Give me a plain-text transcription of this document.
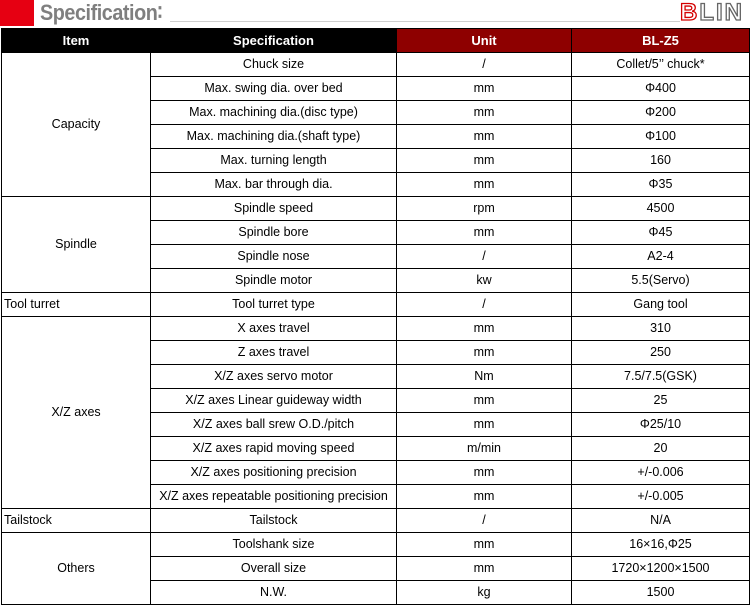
Specification∶	BLIN
Item	Specification	Unit	BL-Z5
Capacity	Chuck size	/	Collet/5’’ chuck*
	Max. swing dia. over bed	mm	Φ400
	Max. machining dia.(disc type)	mm	Φ200
	Max. machining dia.(shaft type)	mm	Φ100
	Max. turning length	mm	160
	Max. bar through dia.	mm	Φ35
Spindle	Spindle speed	rpm	4500
	Spindle bore	mm	Φ45
	Spindle nose	/	A2-4
	Spindle motor	kw	5.5(Servo)
Tool turret	Tool turret type	/	Gang tool
X/Z axes	X axes travel	mm	310
	Z axes travel	mm	250
	X/Z axes servo motor	Nm	7.5/7.5(GSK)
	X/Z axes Linear guideway width	mm	25
	X/Z axes ball srew O.D./pitch	mm	Φ25/10
	X/Z axes rapid moving speed	m/min	20
	X/Z axes positioning precision	mm	+/-0.006
	X/Z axes repeatable positioning precision	mm	+/-0.005
Tailstock	Tailstock	/	N/A
Others	Toolshank size	mm	16×16,Φ25
	Overall size	mm	1720×1200×1500
	N.W.	kg	1500
